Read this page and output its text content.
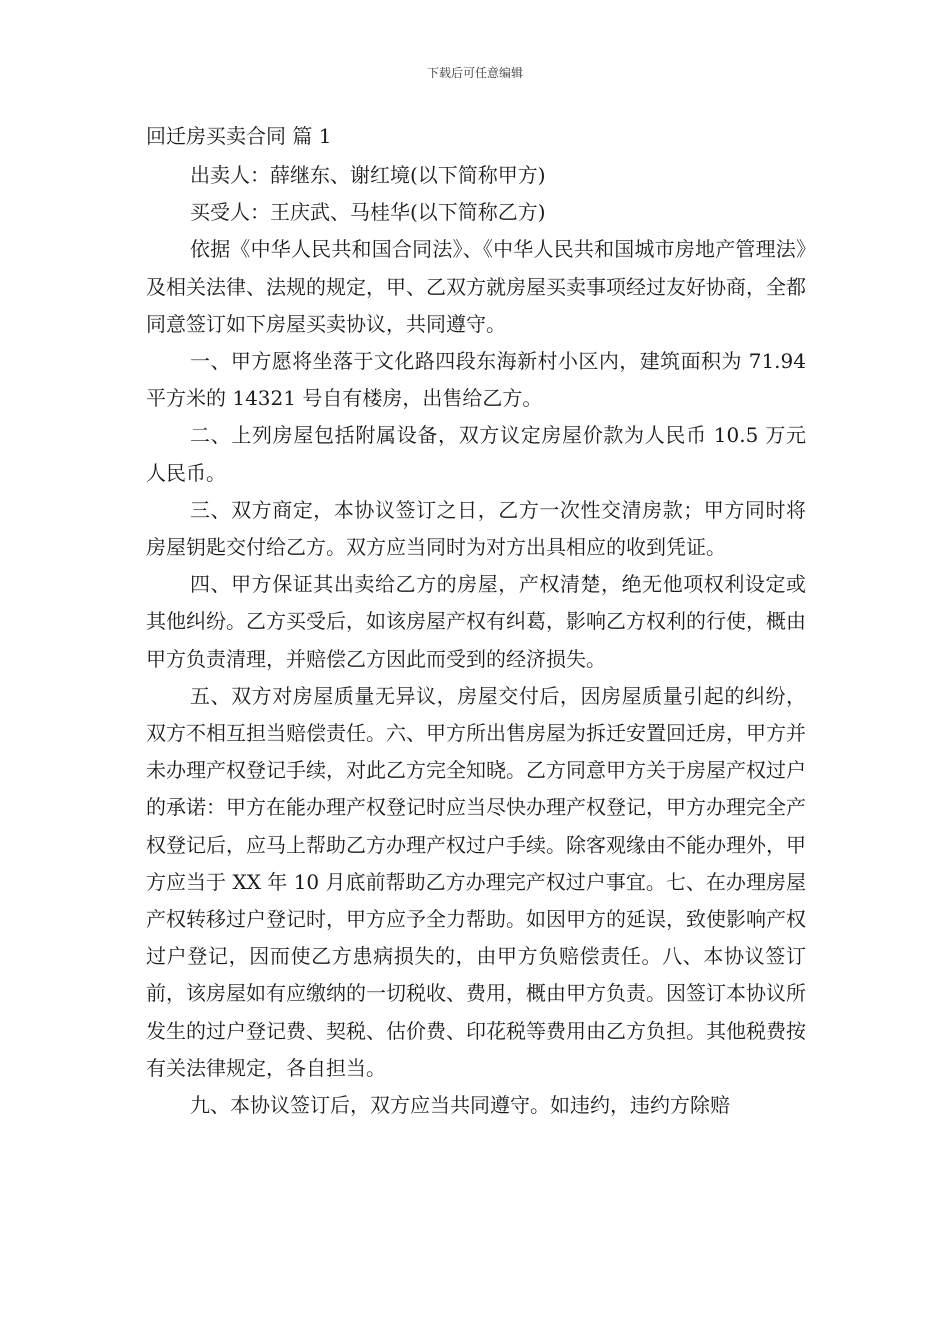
下载后可任意编辑
回迁房买卖合同 篇 1

出卖人：薛继东、谢红境(以下简称甲方)

买受人：王庆武、马桂华(以下简称乙方)

依据《中华人民共和国合同法》、《中华人民共和国城市房地产管理法》及相关法律、法规的规定，甲、乙双方就房屋买卖事项经过友好协商，全都同意签订如下房屋买卖协议，共同遵守。

一、甲方愿将坐落于文化路四段东海新村小区内，建筑面积为 71.94 平方米的 14321 号自有楼房，出售给乙方。

二、上列房屋包括附属设备，双方议定房屋价款为人民币 10.5 万元人民币。

三、双方商定，本协议签订之日，乙方一次性交清房款；甲方同时将房屋钥匙交付给乙方。双方应当同时为对方出具相应的收到凭证。

四、甲方保证其出卖给乙方的房屋，产权清楚，绝无他项权利设定或其他纠纷。乙方买受后，如该房屋产权有纠葛，影响乙方权利的行使，概由甲方负责清理，并赔偿乙方因此而受到的经济损失。

五、双方对房屋质量无异议，房屋交付后，因房屋质量引起的纠纷，双方不相互担当赔偿责任。六、甲方所出售房屋为拆迁安置回迁房，甲方并未办理产权登记手续，对此乙方完全知晓。乙方同意甲方关于房屋产权过户的承诺：甲方在能办理产权登记时应当尽快办理产权登记，甲方办理完全产权登记后，应马上帮助乙方办理产权过户手续。除客观缘由不能办理外，甲方应当于 XX 年 10 月底前帮助乙方办理完产权过户事宜。七、在办理房屋产权转移过户登记时，甲方应予全力帮助。如因甲方的延误，致使影响产权过户登记，因而使乙方患病损失的，由甲方负赔偿责任。八、本协议签订前，该房屋如有应缴纳的一切税收、费用，概由甲方负责。因签订本协议所发生的过户登记费、契税、估价费、印花税等费用由乙方负担。其他税费按有关法律规定，各自担当。

九、本协议签订后，双方应当共同遵守。如违约，违约方除赔
